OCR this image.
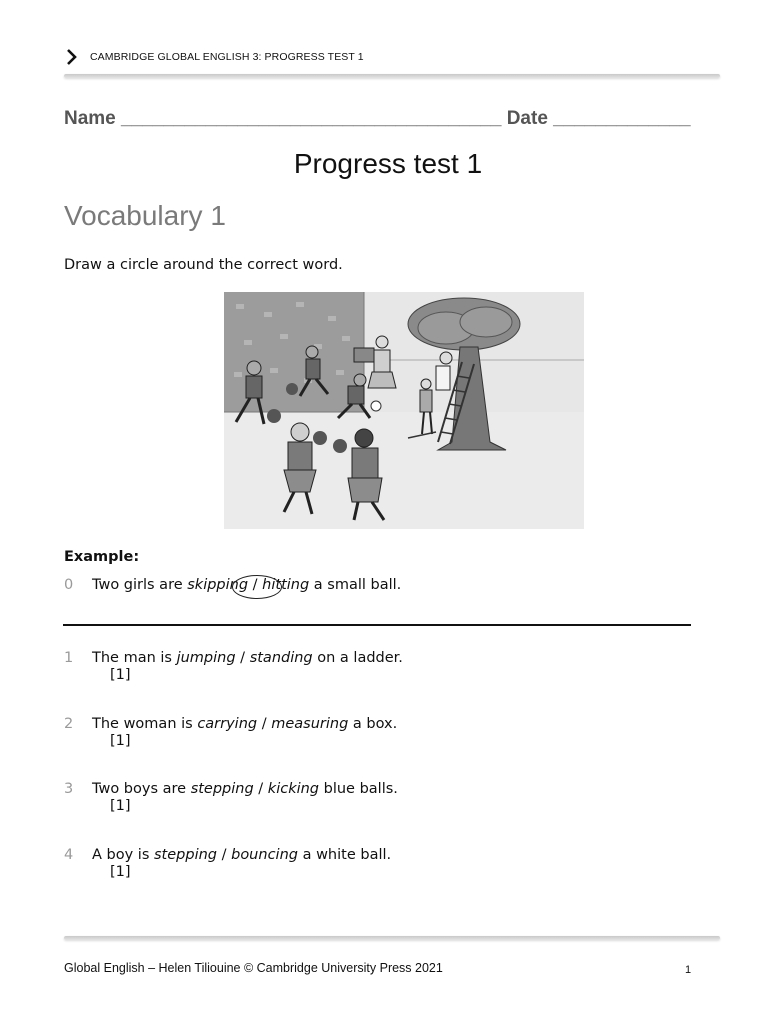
CAMBRIDGE GLOBAL ENGLISH 3: PROGRESS TEST 1
Name ____________________________________ Date _____________
Progress test 1
Vocabulary 1
Draw a circle around the correct word.
Example:
0 Two girls are skipping / hitting a small ball.
1 The man is jumping / standing on a ladder.
[1]
2 The woman is carrying / measuring a box.
[1]
3 Two boys are stepping / kicking blue balls.
[1]
4 A boy is stepping / bouncing a white ball.
[1]
Global English – Helen Tiliouine © Cambridge University Press 2021	1
